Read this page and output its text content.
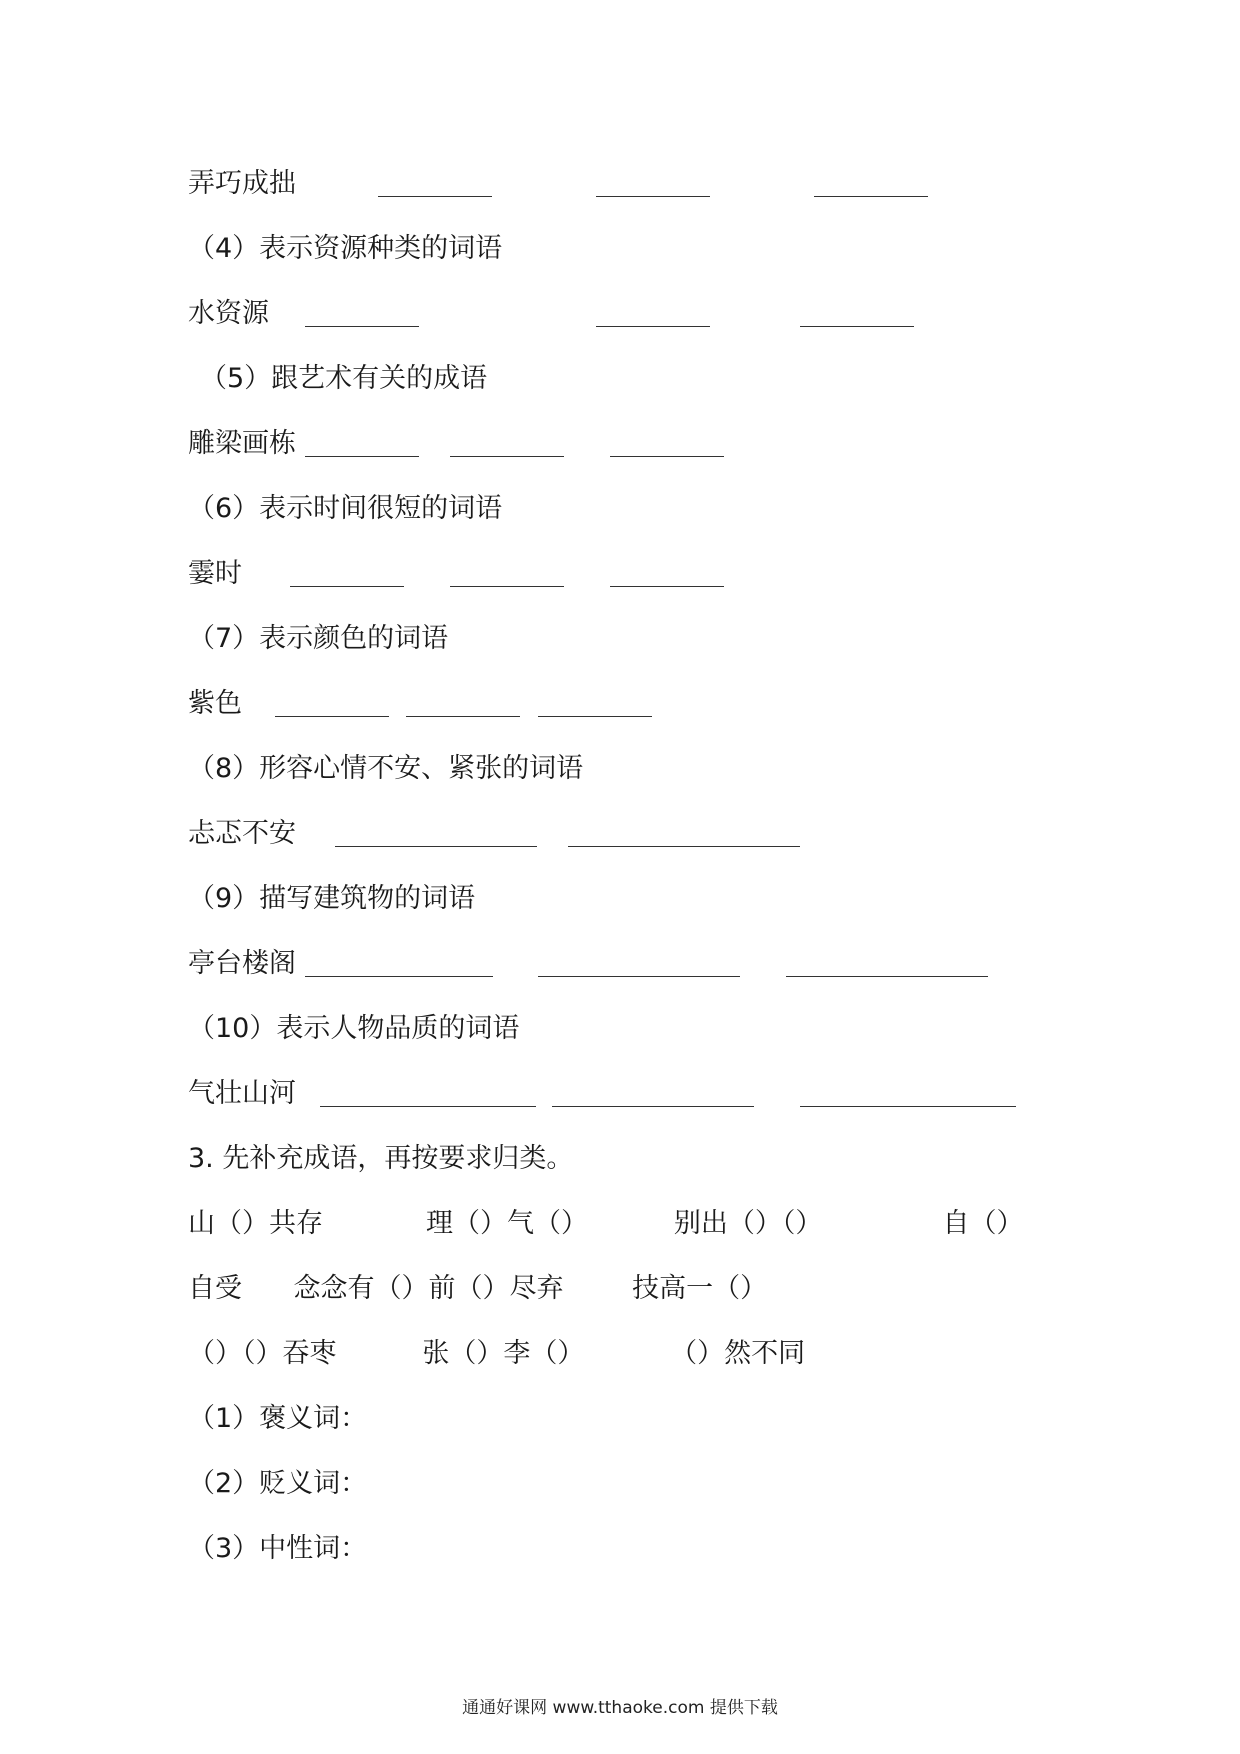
弄巧成拙
（4）表示资源种类的词语
水资源
（5）跟艺术有关的成语
雕梁画栋
（6）表示时间很短的词语
霎时
（7）表示颜色的词语
紫色
（8）形容心情不安、紧张的词语
忐忑不安
（9）描写建筑物的词语
亭台楼阁
（10）表示人物品质的词语
气壮山河
3. 先补充成语，再按要求归类。
山（）共存            理（）气（）          别出（）（）              自（）
自受      念念有（）前（）尽弃        技高一（）
（）（）吞枣          张（）李（）          （）然不同
（1）褒义词：
（2）贬义词：
（3）中性词：
通通好课网 www.tthaoke.com 提供下载
